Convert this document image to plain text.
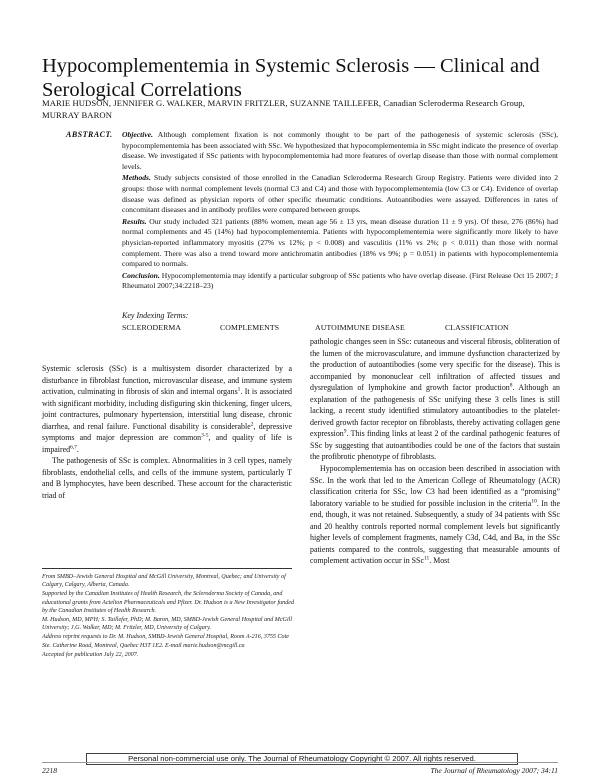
Hypocomplementemia in Systemic Sclerosis — Clinical and Serological Correlations
MARIE HUDSON, JENNIFER G. WALKER, MARVIN FRITZLER, SUZANNE TAILLEFER, Canadian Scleroderma Research Group, MURRAY BARON
ABSTRACT.	Objective. Although complement fixation is not commonly thought to be part of the pathogenesis of systemic sclerosis (SSc), hypocomplementemia has been associated with SSc. We hypothesized that hypocomplementemia in SSc might indicate the presence of overlap disease. We investigated if SSc patients with hypocomplementemia had more features of overlap disease than those with normal complement levels.

Methods. Study subjects consisted of those enrolled in the Canadian Scleroderma Research Group Registry. Patients were divided into 2 groups: those with normal complement levels (normal C3 and C4) and those with hypocomplementemia (low C3 or C4). Evidence of overlap disease was defined as physician reports of other specific rheumatic conditions. Autoantibodies were assayed. Differences in rates of concomitant diseases and in antibody profiles were compared between groups.

Results. Our study included 321 patients (88% women, mean age 56 ± 13 yrs, mean disease duration 11 ± 9 yrs). Of these, 276 (86%) had normal complements and 45 (14%) had hypocomplementemia. Patients with hypocomplementemia were significantly more likely to have physician-reported inflammatory myositis (27% vs 12%; p < 0.008) and vasculitis (11% vs 2%; p < 0.011) than those with normal complement. There was also a trend toward more antichromatin antibodies (18% vs 9%; p = 0.051) in patients with hypocomplementemia compared to normals.

Conclusion. Hypocomplementemia may identify a particular subgroup of SSc patients who have overlap disease. (First Release Oct 15 2007; J Rheumatol 2007;34:2218–23)

Key Indexing Terms:
SCLERODERMA	COMPLEMENTS	AUTOIMMUNE DISEASE	CLASSIFICATION

Systemic sclerosis (SSc) is a multisystem disorder characterized by a disturbance in fibroblast function, microvascular disease, and immune system activation, culminating in fibrosis of skin and internal organs$^1$. It is associated with significant morbidity, including disfiguring skin thickening, finger ulcers, joint contractures, pulmonary hypertension, interstitial lung disease, chronic diarrhea, and renal failure. Functional disability is considerable$^2$, depressive symptoms and major depression are common$^{3-5}$, and quality of life is impaired$^{6,7}$.

The pathogenesis of SSc is complex. Abnormalities in 3 cell types, namely fibroblasts, endothelial cells, and cells of the immune system, particularly T and B lymphocytes, have been described. These account for the characteristic triad of

pathologic changes seen in SSc: cutaneous and visceral fibrosis, obliteration of the lumen of the microvasculature, and immune dysfunction characterized by the production of autoantibodies (some very specific for the disease). This is accompanied by mononuclear cell infiltration of affected tissues and dysregulation of lymphokine and growth factor production$^8$. Although an explanation of the pathogenesis of SSc unifying these 3 cells lines is still lacking, a recent study identified stimulatory autoantibodies to the platelet-derived growth factor receptor on fibroblasts, thereby activating collagen gene expression$^9$. This finding links at least 2 of the cardinal pathogenic features of SSc by suggesting that autoantibodies could be one of the factors that sustain the profibrotic phenotype of fibroblasts.

Hypocomplementemia has on occasion been described in association with SSc. In the work that led to the American College of Rheumatology (ACR) classification criteria for SSc, low C3 had been identified as a “promising” laboratory variable to be studied for possible inclusion in the criteria$^{10}$. In the end, though, it was not retained. Subsequently, a study of 34 patients with SSc and 20 healthy controls reported normal complement levels but significantly higher levels of complement fragments, namely C3d, C4d, and Ba, in the SSc patients compared to the controls, suggesting that measurable amounts of complement activation occur in SSc$^{11}$. Most

From SMBD–Jewish General Hospital and McGill University, Montreal, Quebec; and University of Calgary, Calgary, Alberta, Canada.

Supported by the Canadian Institutes of Health Research, the Scleroderma Society of Canada, and educational grants from Actelion Pharmaceuticals and Pfizer. Dr. Hudson is a New Investigator funded by the Canadian Institutes of Health Research.

M. Hudson, MD, MPH; S. Taillefer, PhD; M. Baron, MD, SMBD-Jewish General Hospital and McGill University; J.G. Walker, MD; M. Fritzler, MD, University of Calgary.

Address reprint requests to Dr. M. Hudson, SMBD-Jewish General Hospital, Room A-216, 3755 Cote Ste. Catherine Road, Montreal, Quebec H3T 1E2. E-mail marie.hudson@mcgill.ca

Accepted for publication July 22, 2007.

Personal non-commercial use only. The Journal of Rheumatology Copyright © 2007. All rights reserved.
2218	The Journal of Rheumatology 2007; 34:11
